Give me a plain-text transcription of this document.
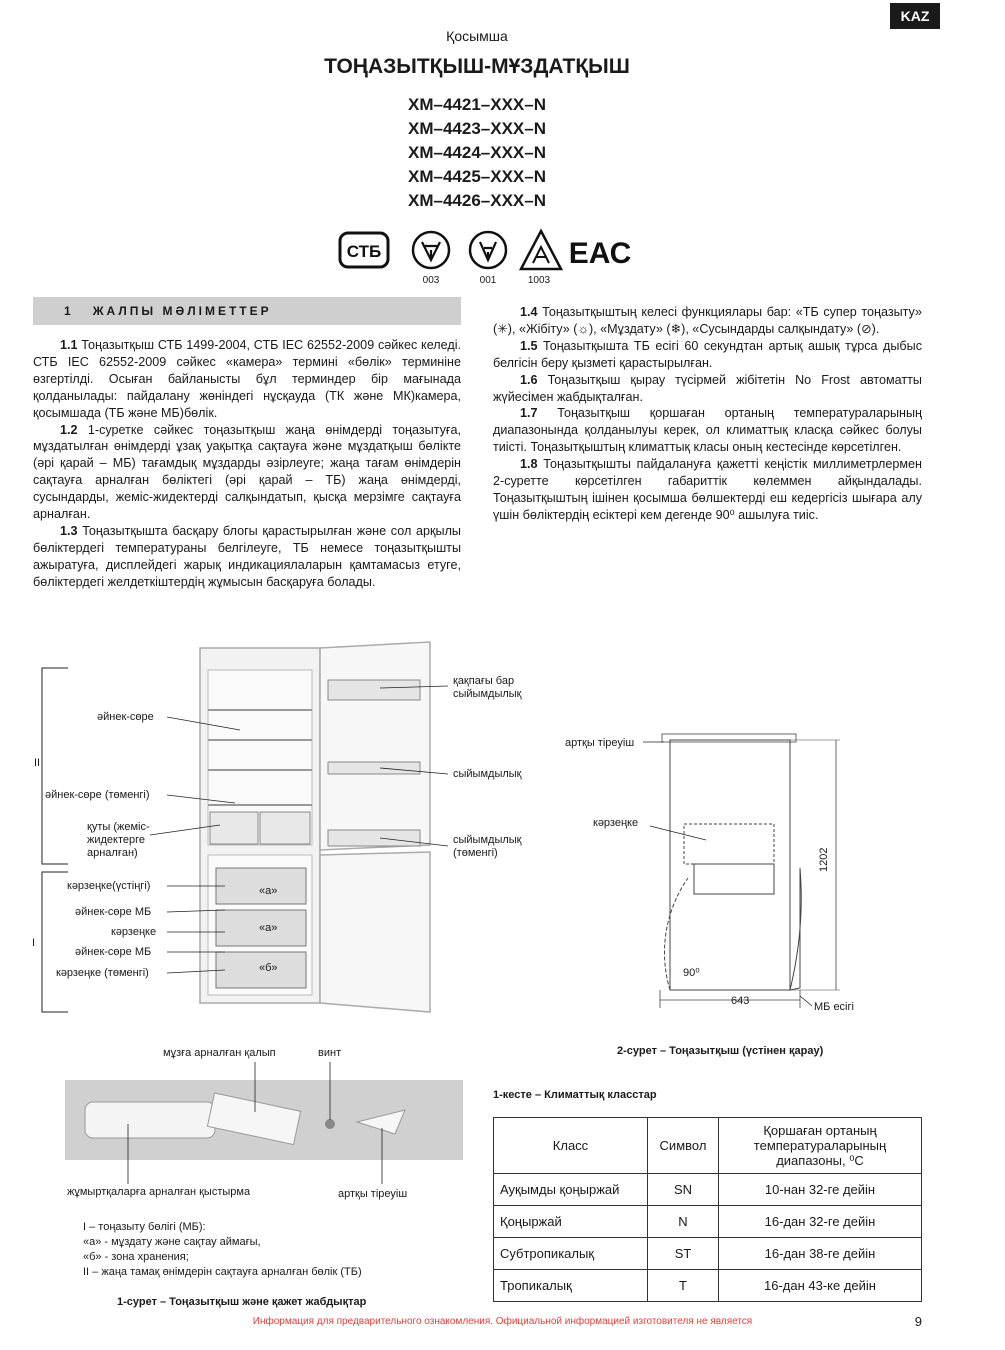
KAZ
Қосымша
ТОҢАЗЫТҚЫШ-МҰЗДАТҚЫШ
ХМ–4421–ХХХ–N
ХМ–4423–ХХХ–N
ХМ–4424–ХХХ–N
ХМ–4425–ХХХ–N
ХМ–4426–ХХХ–N
СТБ	ЕАС
003	001	1003
1 ЖАЛПЫ МӘЛІМЕТТЕР

1.1 Тоңазытқыш СТБ 1499-2004, СТБ IEC 62552-2009 сәйкес келеді. СТБ IEC 62552-2009 сәйкес «камера» термині «бөлік» терминіне өзгертілді. Осыған байланысты бұл терминдер бір мағынада қолданылады: пайдалану жөніндегі нұсқауда (ТК және МК)камера, қосымшада (ТБ және МБ)бөлік.

1.2 1-суретке сәйкес тоңазытқыш жаңа өнімдерді тоңазытуға, мұздатылған өнімдерді ұзақ уақытқа сақтауға және мұздатқыш бөлікте (әрі қарай – МБ) тағамдық мұздарды әзірлеуге; жаңа тағам өнімдерін сақтауға арналған бөліктегі (әрі қарай – ТБ) жаңа өнімдерді, сусындарды, жеміс-жидектерді салқындатып, қысқа мерзімге сақтауға арналған.

1.3 Тоңазытқышта басқару блогы қарастырылған және сол арқылы бөліктердегі температураны белгілеуге, ТБ немесе тоңазытқышты ажыратуға, дисплейдегі жарық индикациялаларын қамтамасыз етуге, бөліктердегі желдеткіштердің жұмысын басқаруға болады.

1.4 Тоңазытқыштың келесі функциялары бар: «ТБ супер тоңазыту» (✳), «Жібіту» (☼), «Мұздату» (❄), «Сусындарды салқындату» (⊘).

1.5 Тоңазытқышта ТБ есігі 60 секундтан артық ашық тұрса дыбыс белгісін беру қызметі қарастырылған.

1.6 Тоңазытқыш қырау түсірмей жібітетін No Frost автоматты жүйесімен жабдықталған.

1.7 Тоңазытқыш қоршаған ортаның температураларының диапазонында қолданылуы керек, ол климаттық класқа сәйкес болуы тиісті. Тоңазытқыштың климаттық класы оның кестесінде көрсетілген.

1.8 Тоңазытқышты пайдалануға қажетті кеңістік миллиметрлермен 2-суретте көрсетілген габариттік көлеммен айқындалады. Тоңазытқыштың ішінен қосымша бөлшектерді еш кедергісіз шығара алу үшін бөліктердің есіктері кем дегенде 90⁰ ашылуға тиіс.

II
I
әйнек-сөре
әйнек-сөре (төменгі)
қуты (жеміс-
жидектерге
арналған)
кәрзеңке(үстіңгі)
әйнек-сөре МБ
кәрзеңке
әйнек-сөре МБ
кәрзеңке (төменгі)
«а»
«а»
«б»
қақпағы бар
сыйымдылық
сыйымдылық
сыйымдылық
(төменгі)
мұзға арналған қалып	винт
жұмыртқаларға арналған қыстырма	артқы тіреуіш
I – тоңазыту бөлігі (МБ):
«а» - мұздату және сақтау аймағы,
«б» - зона хранения;
II – жаңа тамақ өнімдерін сақтауға арналған бөлік (ТБ)
1-сурет – Тоңазытқыш және қажет жабдықтар
артқы тіреуіш
кәрзеңке
1202
643
90⁰
МБ есігі
2-сурет – Тоңазытқыш (үстінен қарау)
1-кесте – Климаттық класстар
Класс	Символ	Қоршаған ортаның температураларының диапазоны, ⁰С
Ауқымды қоңыржай	SN	10-нан 32-ге дейін
Қоңыржай	N	16-дан 32-ге дейін
Субтропикалық	ST	16-дан 38-ге дейін
Тропикалық	T	16-дан 43-ке дейін
Информация для предварительного ознакомления. Официальной информацией изготовителя не является	9
